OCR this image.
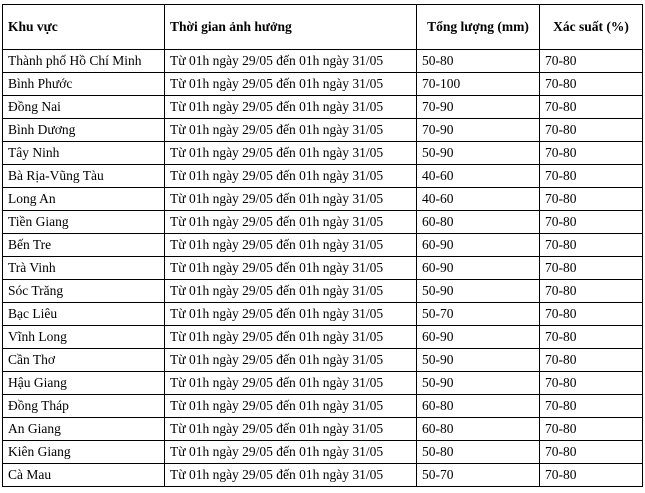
Khu vực	Thời gian ảnh hưởng	Tổng lượng (mm)	Xác suất (%)
Thành phố Hồ Chí Minh	Từ 01h ngày 29/05 đến 01h ngày 31/05	50-80	70-80
Bình Phước	Từ 01h ngày 29/05 đến 01h ngày 31/05	70-100	70-80
Đồng Nai	Từ 01h ngày 29/05 đến 01h ngày 31/05	70-90	70-80
Bình Dương	Từ 01h ngày 29/05 đến 01h ngày 31/05	70-90	70-80
Tây Ninh	Từ 01h ngày 29/05 đến 01h ngày 31/05	50-90	70-80
Bà Rịa-Vũng Tàu	Từ 01h ngày 29/05 đến 01h ngày 31/05	40-60	70-80
Long An	Từ 01h ngày 29/05 đến 01h ngày 31/05	40-60	70-80
Tiền Giang	Từ 01h ngày 29/05 đến 01h ngày 31/05	60-80	70-80
Bến Tre	Từ 01h ngày 29/05 đến 01h ngày 31/05	60-90	70-80
Trà Vinh	Từ 01h ngày 29/05 đến 01h ngày 31/05	60-90	70-80
Sóc Trăng	Từ 01h ngày 29/05 đến 01h ngày 31/05	50-90	70-80
Bạc Liêu	Từ 01h ngày 29/05 đến 01h ngày 31/05	50-70	70-80
Vĩnh Long	Từ 01h ngày 29/05 đến 01h ngày 31/05	60-90	70-80
Cần Thơ	Từ 01h ngày 29/05 đến 01h ngày 31/05	50-90	70-80
Hậu Giang	Từ 01h ngày 29/05 đến 01h ngày 31/05	50-90	70-80
Đồng Tháp	Từ 01h ngày 29/05 đến 01h ngày 31/05	60-80	70-80
An Giang	Từ 01h ngày 29/05 đến 01h ngày 31/05	60-80	70-80
Kiên Giang	Từ 01h ngày 29/05 đến 01h ngày 31/05	50-80	70-80
Cà Mau	Từ 01h ngày 29/05 đến 01h ngày 31/05	50-70	70-80
